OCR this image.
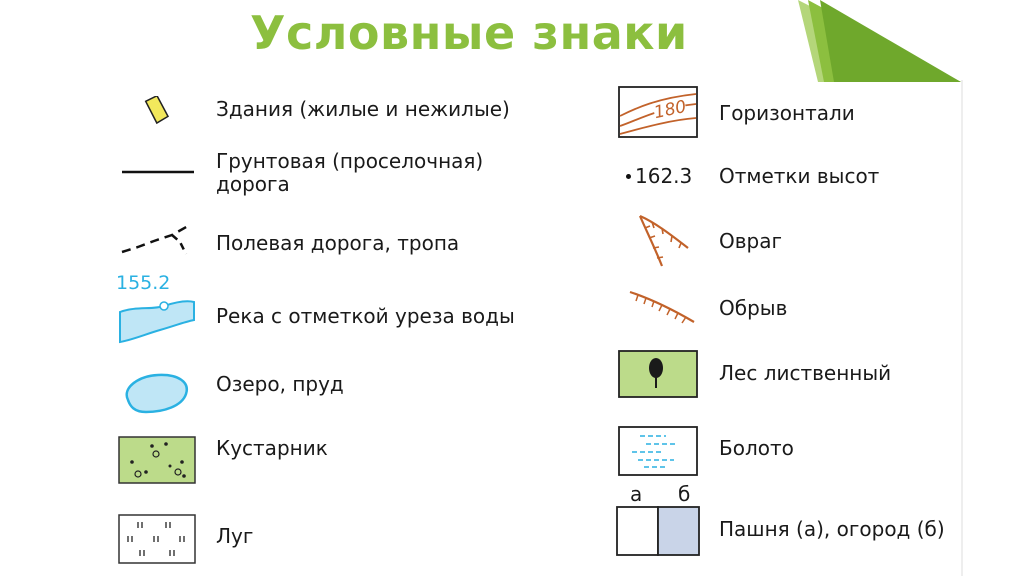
Условные знаки
Здания (жилые и нежилые)
Грунтовая (проселочная)
дорога
Полевая дорога, тропа
155.2
Река с отметкой уреза воды
Озеро, пруд
Кустарник
Луг
180 Горизонтали
162.3 Отметки высот
Овраг
Обрыв
Лес лиственный
Болото
а б
Пашня (а), огород (б)
